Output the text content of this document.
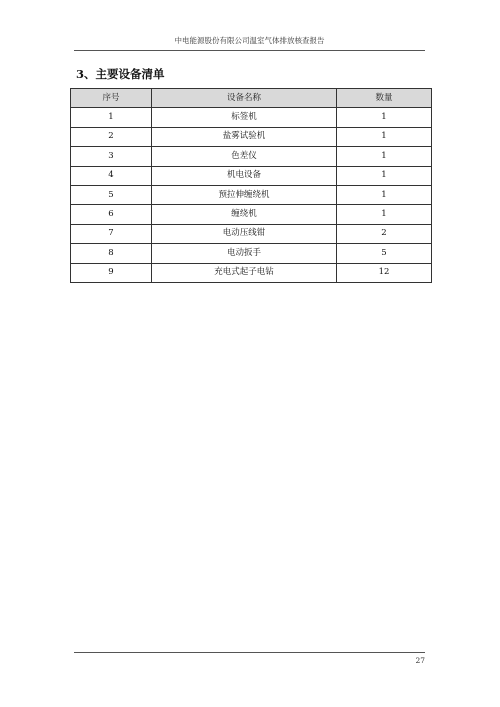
中电能源股份有限公司温室气体排放核查报告
3、主要设备清单
序号	设备名称	数量
1	标签机	1
2	盐雾试验机	1
3	色差仪	1
4	机电设备	1
5	预拉伸缠绕机	1
6	缠绕机	1
7	电动压线钳	2
8	电动扳手	5
9	充电式起子电钻	12
27
